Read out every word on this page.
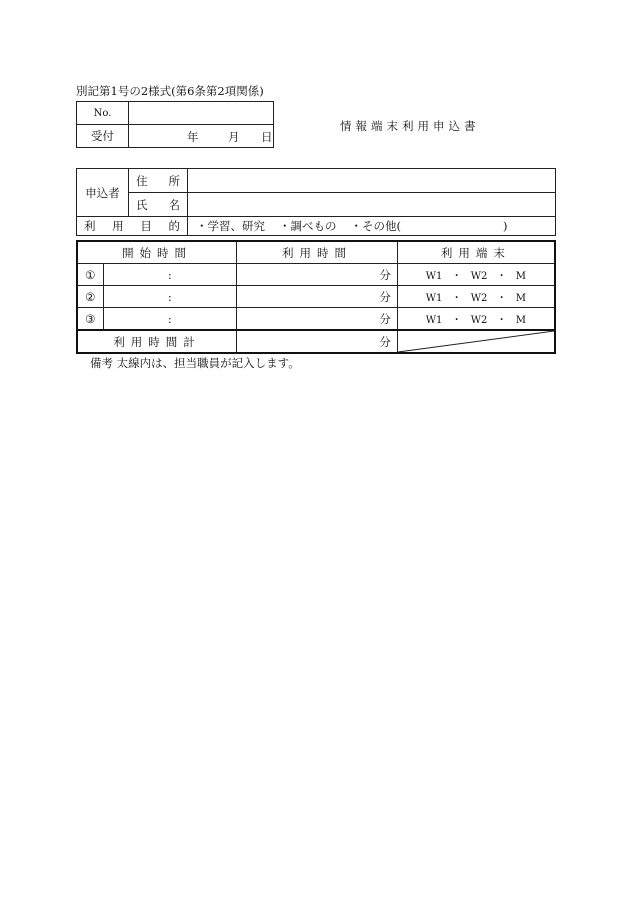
別記第1号の2様式(第6条第2項関係)
No.	
受付	年 月 日
情報端末利用申込書
申込者	住 所	

	氏 名	

利 用 目 的		・学習、研究 ・調べもの ・その他( )
開始時間		利用時間	利用端末
①	:	分	W1 ・ W2 ・ M
②	:	分	W1 ・ W2 ・ M
③	:	分	W1 ・ W2 ・ M
利用時間計		分	
備考 太線内は、担当職員が記入します。
